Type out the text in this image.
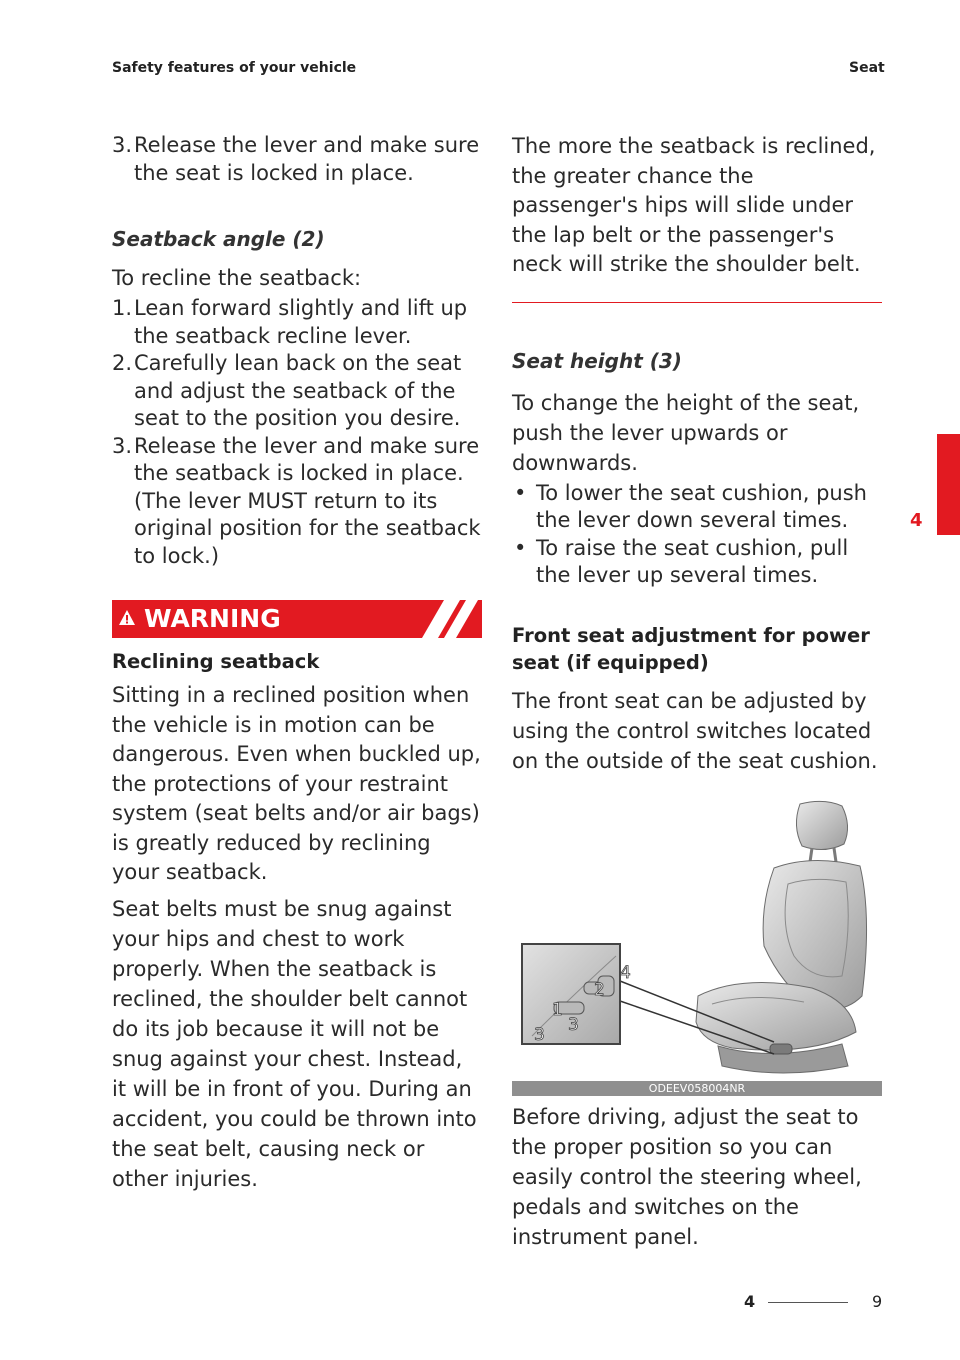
Safety features of your vehicle	Seat
3. Release the lever and make sure the seat is locked in place.

Seatback angle (2)

To recline the seatback:

1. Lean forward slightly and lift up the seatback recline lever.
2. Carefully lean back on the seat and adjust the seatback of the seat to the position you desire.
3. Release the lever and make sure the seatback is locked in place. (The lever MUST return to its original position for the seatback to lock.)
WARNING

Reclining seatback

Sitting in a reclined position when the vehicle is in motion can be dangerous. Even when buckled up, the protections of your restraint system (seat belts and/or air bags) is greatly reduced by reclining your seatback.

Seat belts must be snug against your hips and chest to work properly. When the seatback is reclined, the shoulder belt cannot do its job because it will not be snug against your chest. Instead, it will be in front of you. During an accident, you could be thrown into the seat belt, causing neck or other injuries.

The more the seatback is reclined, the greater chance the passenger's hips will slide under the lap belt or the passenger's neck will strike the shoulder belt.

Seat height (3)

To change the height of the seat, push the lever upwards or downwards.

• To lower the seat cushion, push the lever down several times.
• To raise the seat cushion, pull the lever up several times.

Front seat adjustment for power seat (if equipped)

The front seat can be adjusted by using the control switches located on the outside of the seat cushion.

1
2
3 3
4
ODEEV058004NR

Before driving, adjust the seat to the proper position so you can easily control the steering wheel, pedals and switches on the instrument panel.

4
4	9
